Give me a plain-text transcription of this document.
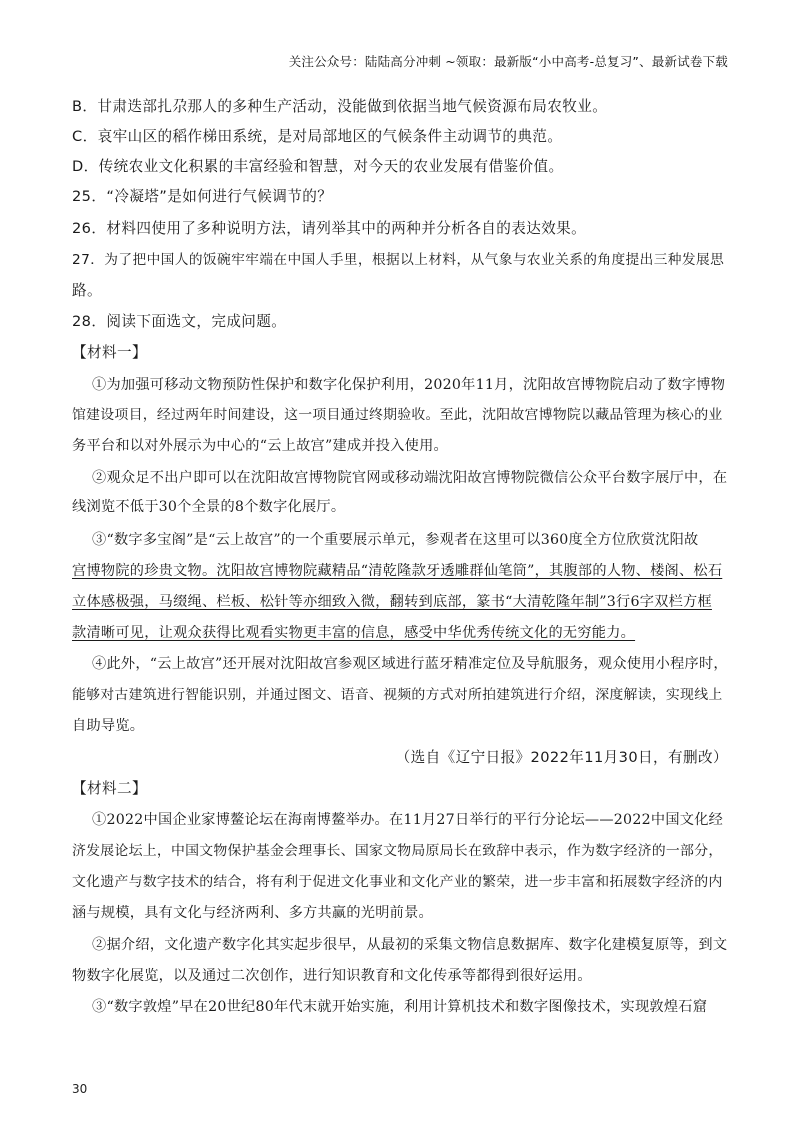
关注公众号：陆陆高分冲刺 ~领取：最新版“小中高考-总复习”、最新试卷下载
B．甘肃迭部扎尕那人的多种生产活动，没能做到依据当地气候资源布局农牧业。
C．哀牢山区的稻作梯田系统，是对局部地区的气候条件主动调节的典范。
D．传统农业文化积累的丰富经验和智慧，对今天的农业发展有借鉴价值。
25．“冷凝塔”是如何进行气候调节的？
26．材料四使用了多种说明方法，请列举其中的两种并分析各自的表达效果。
27．为了把中国人的饭碗牢牢端在中国人手里，根据以上材料，从气象与农业关系的角度提出三种发展思
路。
28．阅读下面选文，完成问题。
【材料一】
①为加强可移动文物预防性保护和数字化保护利用，2020年11月，沈阳故宫博物院启动了数字博物
馆建设项目，经过两年时间建设，这一项目通过终期验收。至此，沈阳故宫博物院以藏品管理为核心的业
务平台和以对外展示为中心的“云上故宫”建成并投入使用。
②观众足不出户即可以在沈阳故宫博物院官网或移动端沈阳故宫博物院微信公众平台数字展厅中，在
线浏览不低于30个全景的8个数字化展厅。
③“数字多宝阁”是“云上故宫”的一个重要展示单元，参观者在这里可以360度全方位欣赏沈阳故
宫博物院的珍贵文物。沈阳故宫博物院藏精品“清乾隆款牙透雕群仙笔筒”，其腹部的人物、楼阁、松石
立体感极强，马缀绳、栏板、松针等亦细致入微，翻转到底部，篆书“大清乾隆年制”3行6字双栏方框
款清晰可见，让观众获得比观看实物更丰富的信息，感受中华优秀传统文化的无穷能力。
④此外，“云上故宫”还开展对沈阳故宫参观区域进行蓝牙精准定位及导航服务，观众使用小程序时，
能够对古建筑进行智能识别，并通过图文、语音、视频的方式对所拍建筑进行介绍，深度解读，实现线上
自助导览。
（选自《辽宁日报》2022年11月30日，有删改）
【材料二】
①2022中国企业家博鳌论坛在海南博鳌举办。在11月27日举行的平行分论坛——2022中国文化经
济发展论坛上，中国文物保护基金会理事长、国家文物局原局长在致辞中表示，作为数字经济的一部分，
文化遗产与数字技术的结合，将有利于促进文化事业和文化产业的繁荣，进一步丰富和拓展数字经济的内
涵与规模，具有文化与经济两利、多方共赢的光明前景。
②据介绍，文化遗产数字化其实起步很早，从最初的采集文物信息数据库、数字化建模复原等，到文
物数字化展览，以及通过二次创作，进行知识教育和文化传承等都得到很好运用。
③“数字敦煌”早在20世纪80年代末就开始实施，利用计算机技术和数字图像技术，实现敦煌石窟
30
